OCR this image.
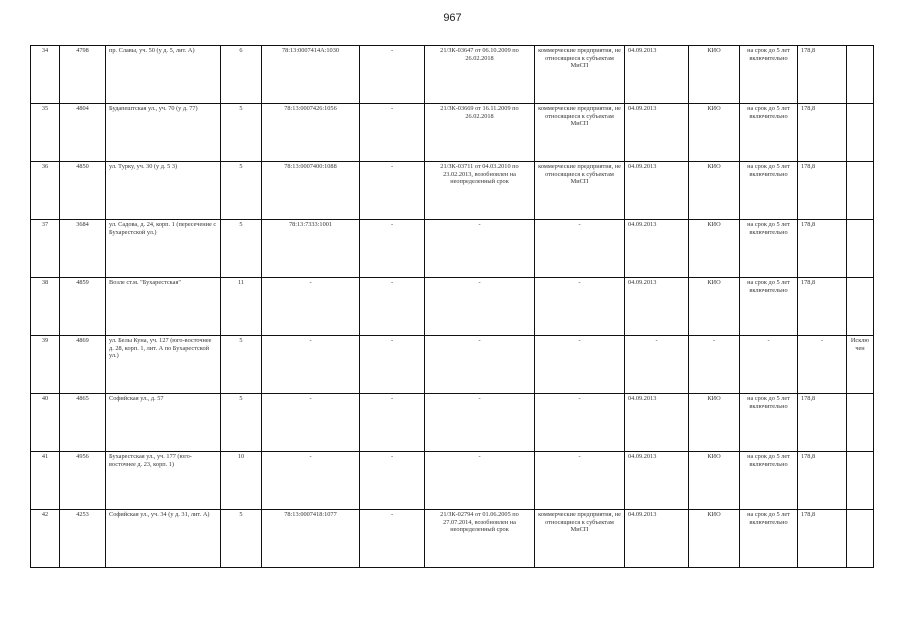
967
34	4798	пр. Славы, уч. 50 (у д. 5, лит. А)	6	78:13:0007414А:1030	-	21/ЗК-03647 от 06.10.2009 по 26.02.2018	коммерческие предприятия, не относящиеся к субъектам МиСП	04.09.2013	КИО	на срок до 5 лет включительно	178,8	
35	4804	Будапештская ул., уч. 70 (у д. 77)	5	78:13:0007426:1056	-	21/ЗК-03669 от 16.11.2009 по 26.02.2018	коммерческие предприятия, не относящиеся к субъектам МиСП	04.09.2013	КИО	на срок до 5 лет включительно	178,8	
36	4850	ул. Турку, уч. 30 (у д. 5 3)	5	78:13:0007400:1088	-	21/ЗК-03711 от 04.03.2010 по 23.02.2013, возобновлен на неопределенный срок	коммерческие предприятия, не относящиеся к субъектам МиСП	04.09.2013	КИО	на срок до 5 лет включительно	178,8	
37	3684	ул. Садова, д. 24, корп. 1 (пересечение с Бухарестской ул.)	5	78:13:7333:1001	-	-	-	04.09.2013	КИО	на срок до 5 лет включительно	178,8	
38	4859	Возле ст.м. "Бухарестская"	11	-	-	-	-	04.09.2013	КИО	на срок до 5 лет включительно	178,8	
39	4869	ул. Белы Куна, уч. 127 (юго-восточнее д. 28, корп. 1, лит. А по Бухарестской ул.)	5	-	-	-	-	-	-	-	-	Исключен
40	4865	Софийская ул., д. 57	5	-	-	-	-	04.09.2013	КИО	на срок до 5 лет включительно	178,8	
41	4956	Бухарестская ул., уч. 177 (юго-восточнее д. 23, корп. 1)	10	-	-	-	-	04.09.2013	КИО	на срок до 5 лет включительно	178,8	
42	4253	Софийская ул., уч. 34 (у д. 31, лит. А)	5	78:13:0007418:1077	-	21/ЗК-02794 от 01.06.2005 по 27.07.2014, возобновлен на неопределенный срок	коммерческие предприятия, не относящиеся к субъектам МиСП	04.09.2013	КИО	на срок до 5 лет включительно	178,8	
